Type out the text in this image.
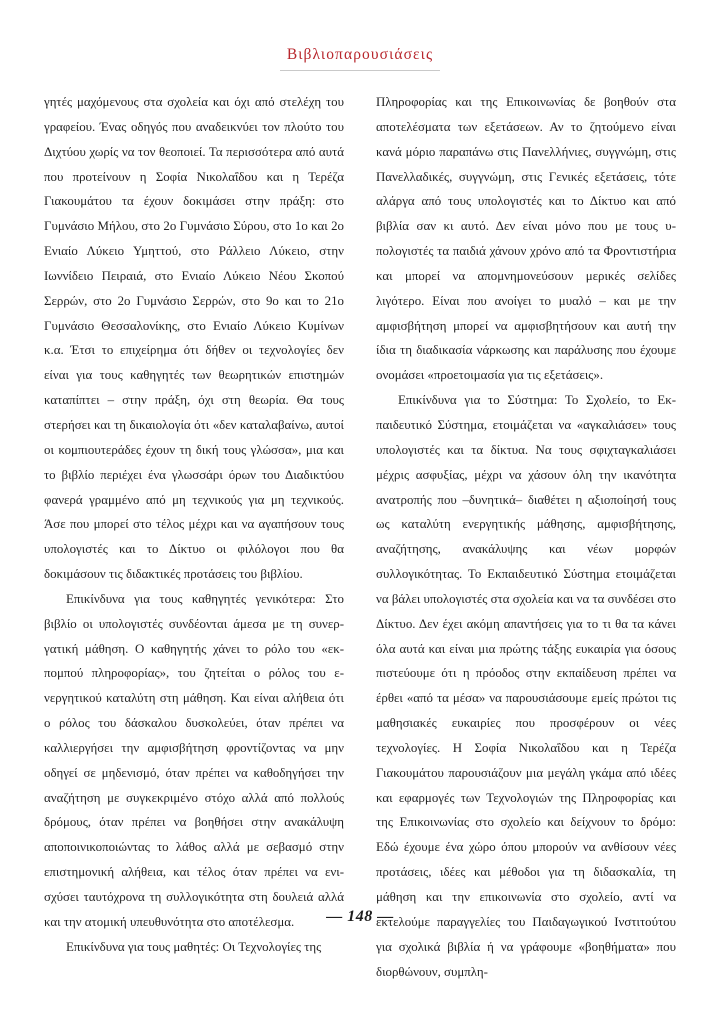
Βιβλιοπαρουσιάσεις

γητές μαχόμενους στα σχολεία και όχι από στελέχη του γραφείου. Ένας οδηγός που αναδεικνύει τον πλούτο του Διχτύου χωρίς να τον θεοποιεί. Τα περισσότερα από αυτά που προτείνουν η Σοφία Νικολαΐδου και η Τερέζα Γιακουμάτου τα έχουν δοκιμάσει στην πράξη: στο Γυμνάσιο Μήλου, στο 2ο Γυμνάσιο Σύρου, στο 1ο και 2ο Ενιαίο Λύκειο Υμηττού, στο Ράλλειο Λύκειο, στην Ιωννίδειο Πειραιά, στο Ενιαίο Λύκειο Νέου Σκοπού Σερρών, στο 2ο Γυμνάσιο Σερρών, στο 9ο και το 21ο Γυμνάσιο Θεσσαλονίκης, στο Ενιαίο Λύκειο Κυμίνων κ.α. Έτσι το επιχείρημα ότι δήθεν οι τεχνολογίες δεν είναι για τους καθηγητές των θεωρητικών επιστημών καταπίπτει – στην πράξη, όχι στη θεωρία. Θα τους στερήσει και τη δικαιολογία ότι «δεν καταλαβαίνω, αυτοί οι κομπιουτεράδες έχουν τη δική τους γλώσσα», μια και το βιβλίο περιέχει ένα γλωσσάρι όρων του Διαδικτύου φανερά γραμμένο από μη τεχνικούς για μη τεχνικούς. Άσε που μπορεί στο τέλος μέχρι και να αγαπήσουν τους υπολογιστές και το Δίκτυο οι φιλόλογοι που θα δοκιμάσουν τις διδακτικές προτάσεις του βιβλίου.

Επικίνδυνα για τους καθηγητές γενικότερα: Στο βιβλίο οι υπολογιστές συνδέονται άμεσα με τη συνεργατική μάθηση. Ο καθηγητής χάνει το ρόλο του «εκπομπού πληροφορίας», του ζητείται ο ρόλος του ενεργητικού καταλύτη στη μάθηση. Και είναι αλήθεια ότι ο ρόλος του δάσκαλου δυσκολεύει, όταν πρέπει να καλλιεργήσει την αμφισβήτηση φροντίζοντας να μην οδηγεί σε μηδενισμό, όταν πρέπει να καθοδηγήσει την αναζήτηση με συγκεκριμένο στόχο αλλά από πολλούς δρόμους, όταν πρέπει να βοηθήσει στην ανακάλυψη αποποινικοποιώντας το λάθος αλλά με σεβασμό στην επιστημονική αλήθεια, και τέλος όταν πρέπει να ενισχύσει ταυτόχρονα τη συλλογικότητα στη δουλειά αλλά και την ατομική υπευθυνότητα στο αποτέλεσμα.

Επικίνδυνα για τους μαθητές: Οι Τεχνολογίες της

Πληροφορίας και της Επικοινωνίας δε βοηθούν στα αποτελέσματα των εξετάσεων. Αν το ζητούμενο είναι κανά μόριο παραπάνω στις Πανελλήνιες, συγγνώμη, στις Πανελλαδικές, συγγνώμη, στις Γενικές εξετάσεις, τότε αλάργα από τους υπολογιστές και το Δίκτυο και από βιβλία σαν κι αυτό. Δεν είναι μόνο που με τους υπολογιστές τα παιδιά χάνουν χρόνο από τα Φροντιστήρια και μπορεί να απομνημονεύσουν μερικές σελίδες λιγότερο. Είναι που ανοίγει το μυαλό – και με την αμφισβήτηση μπορεί να αμφισβητήσουν και αυτή την ίδια τη διαδικασία νάρκωσης και παράλυσης που έχουμε ονομάσει «προετοιμασία για τις εξετάσεις».

Επικίνδυνα για το Σύστημα: Το Σχολείο, το Εκπαιδευτικό Σύστημα, ετοιμάζεται να «αγκαλιάσει» τους υπολογιστές και τα δίκτυα. Να τους σφιχταγκαλιάσει μέχρις ασφυξίας, μέχρι να χάσουν όλη την ικανότητα ανατροπής που –δυνητικά– διαθέτει η αξιοποίησή τους ως καταλύτη ενεργητικής μάθησης, αμφισβήτησης, αναζήτησης, ανακάλυψης και νέων μορφών συλλογικότητας. Το Εκπαιδευτικό Σύστημα ετοιμάζεται να βάλει υπολογιστές στα σχολεία και να τα συνδέσει στο Δίκτυο. Δεν έχει ακόμη απαντήσεις για το τι θα τα κάνει όλα αυτά και είναι μια πρώτης τάξης ευκαιρία για όσους πιστεύουμε ότι η πρόοδος στην εκπαίδευση πρέπει να έρθει «από τα μέσα» να παρουσιάσουμε εμείς πρώτοι τις μαθησιακές ευκαιρίες που προσφέρουν οι νέες τεχνολογίες. Η Σοφία Νικολαΐδου και η Τερέζα Γιακουμάτου παρουσιάζουν μια μεγάλη γκάμα από ιδέες και εφαρμογές των Τεχνολογιών της Πληροφορίας και της Επικοινωνίας στο σχολείο και δείχνουν το δρόμο: Εδώ έχουμε ένα χώρο όπου μπορούν να ανθίσουν νέες προτάσεις, ιδέες και μέθοδοι για τη διδασκαλία, τη μάθηση και την επικοινωνία στο σχολείο, αντί να εκτελούμε παραγγελίες του Παιδαγωγικού Ινστιτούτου για σχολικά βιβλία ή να γράφουμε «βοηθήματα» που διορθώνουν, συμπλη-

— 148 —
